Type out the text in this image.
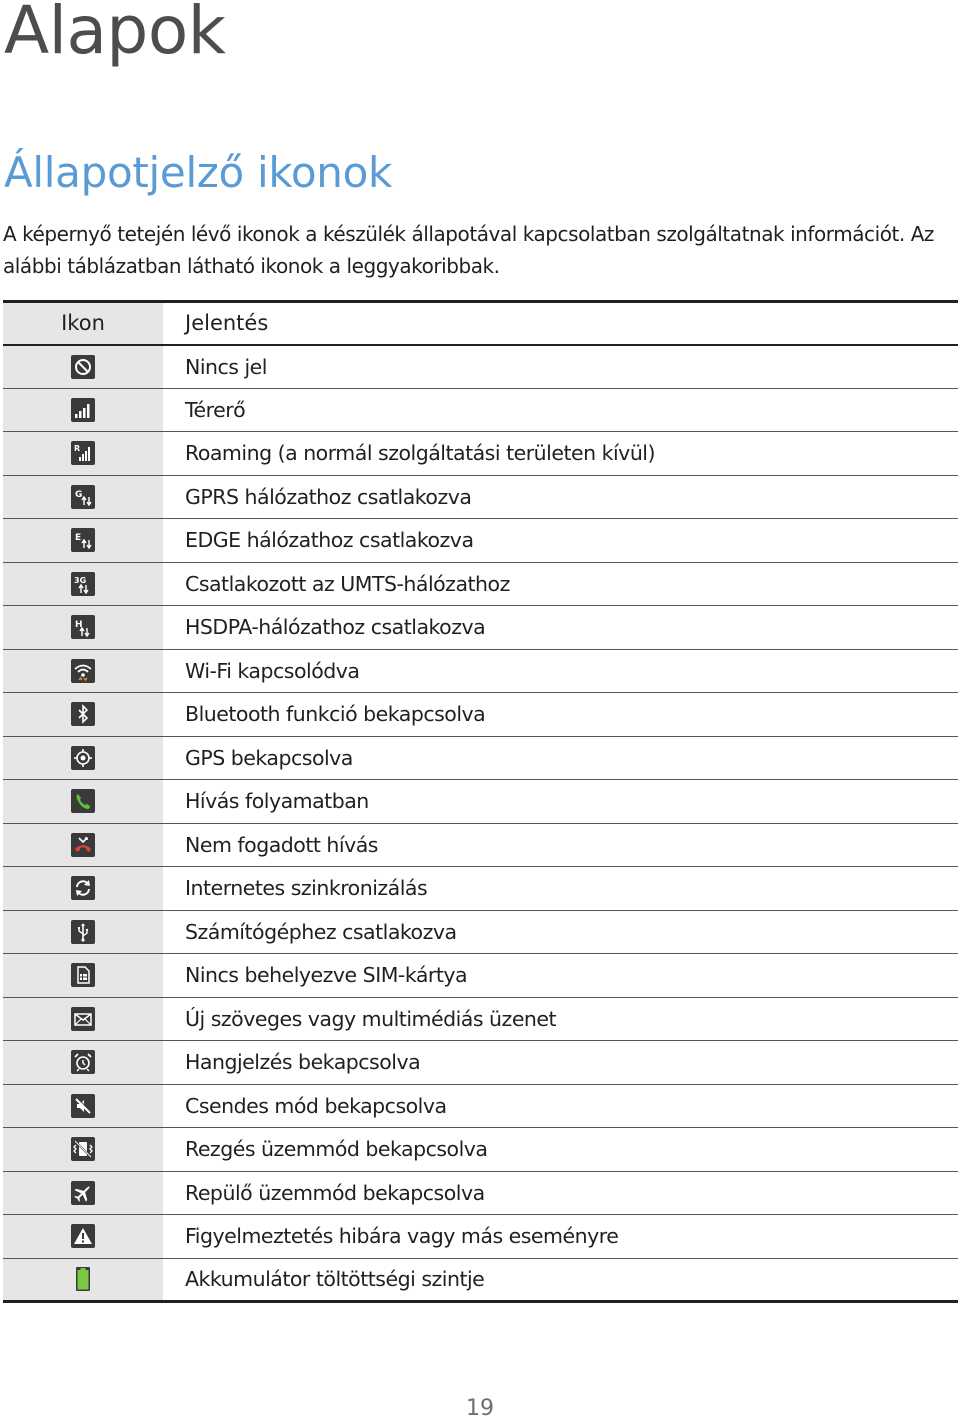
Alapok
Állapotjelző ikonok

A képernyő tetején lévő ikonok a készülék állapotával kapcsolatban szolgáltatnak információt. Az alábbi táblázatban látható ikonok a leggyakoribbak.

Ikon	Jelentés
	Nincs jel
	Térerő

R	Roaming (a normál szolgáltatási területen kívül)

G	GPRS hálózathoz csatlakozva

E	EDGE hálózathoz csatlakozva

3G	Csatlakozott az UMTS-hálózathoz

H	HSDPA-hálózathoz csatlakozva
	Wi-Fi kapcsolódva
	Bluetooth funkció bekapcsolva
	GPS bekapcsolva
	Hívás folyamatban
	Nem fogadott hívás
	Internetes szinkronizálás
	Számítógéphez csatlakozva
	Nincs behelyezve SIM-kártya
	Új szöveges vagy multimédiás üzenet
	Hangjelzés bekapcsolva
	Csendes mód bekapcsolva
	Rezgés üzemmód bekapcsolva
	Repülő üzemmód bekapcsolva
	Figyelmeztetés hibára vagy más eseményre
	Akkumulátor töltöttségi szintje
19
